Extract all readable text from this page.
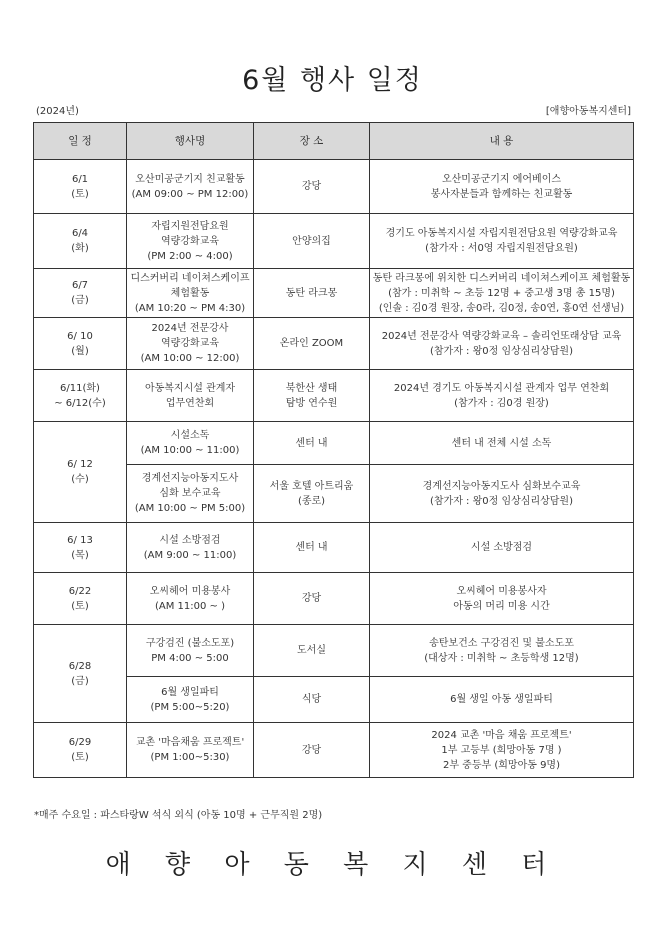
6월 행사 일정
(2024년)	[애향아동복지센터]
일 정	행사명	장 소	내 용

6/1
(토)	오산미공군기지 친교활동
(AM 09:00 ~ PM 12:00)	강당	오산미공군기지 에어베이스
봉사자분들과 함께하는 친교활동

6/4
(화)	자립지원전담요원
역량강화교육
(PM 2:00 ~ 4:00)	안양의집	경기도 아동복지시설 자립지원전담요원 역량강화교육
(참가자 : 서0영 자립지원전담요원)

6/7
(금)	디스커버리 네이쳐스케이프
체험활동
(AM 10:20 ~ PM 4:30)	동탄 라크몽	동탄 라크몽에 위치한 디스커버리 네이쳐스케이프 체험활동
(참가 : 미취학 ~ 초등 12명 + 중고생 3명 총 15명)
(인솔 : 김0경 원장, 송0라, 김0정, 송0연, 홍0연 선생님)

6/ 10
(월)	2024년 전문강사
역량강화교육
(AM 10:00 ~ 12:00)	온라인 ZOOM	2024년 전문강사 역량강화교육 – 솔리언또래상담 교육
(참가자 : 왕0정 임상심리상담원)

6/11(화)
~ 6/12(수)	아동복지시설 관계자
업무연찬회	북한산 생태
탐방 연수원	2024년 경기도 아동복지시설 관계자 업무 연찬회
(참가자 : 김0경 원장)

6/ 12
(수)	시설소독
(AM 10:00 ~ 11:00)	센터 내	센터 내 전체 시설 소독

	경계선지능아동지도사
심화 보수교육
(AM 10:00 ~ PM 5:00)	서울 호텔 아트리움
(종로)	경계선지능아동지도사 심화보수교육
(참가자 : 왕0정 임상심리상담원)

6/ 13
(목)	시설 소방점검
(AM 9:00 ~ 11:00)	센터 내	시설 소방점검

6/22
(토)	오씨헤어 미용봉사
(AM 11:00 ~ )	강당	오씨헤어 미용봉사자
아동의 머리 미용 시간

6/28
(금)	구강검진 (불소도포)
PM 4:00 ~ 5:00	도서실	송탄보건소 구강검진 및 불소도포
(대상자 : 미취학 ~ 초등학생 12명)

	6월 생일파티
(PM 5:00~5:20)	식당	6월 생일 아동 생일파티

6/29
(토)	교촌 '마음채움 프로젝트'
(PM 1:00~5:30)	강당	2024 교촌 '마음 채움 프로젝트'
1부 고등부 (희망아동 7명 )
2부 중등부 (희망아동 9명)
*매주 수요일 : 파스타랑W 석식 외식 (아동 10명 + 근무직원 2명)
애 향 아 동 복 지 센 터
